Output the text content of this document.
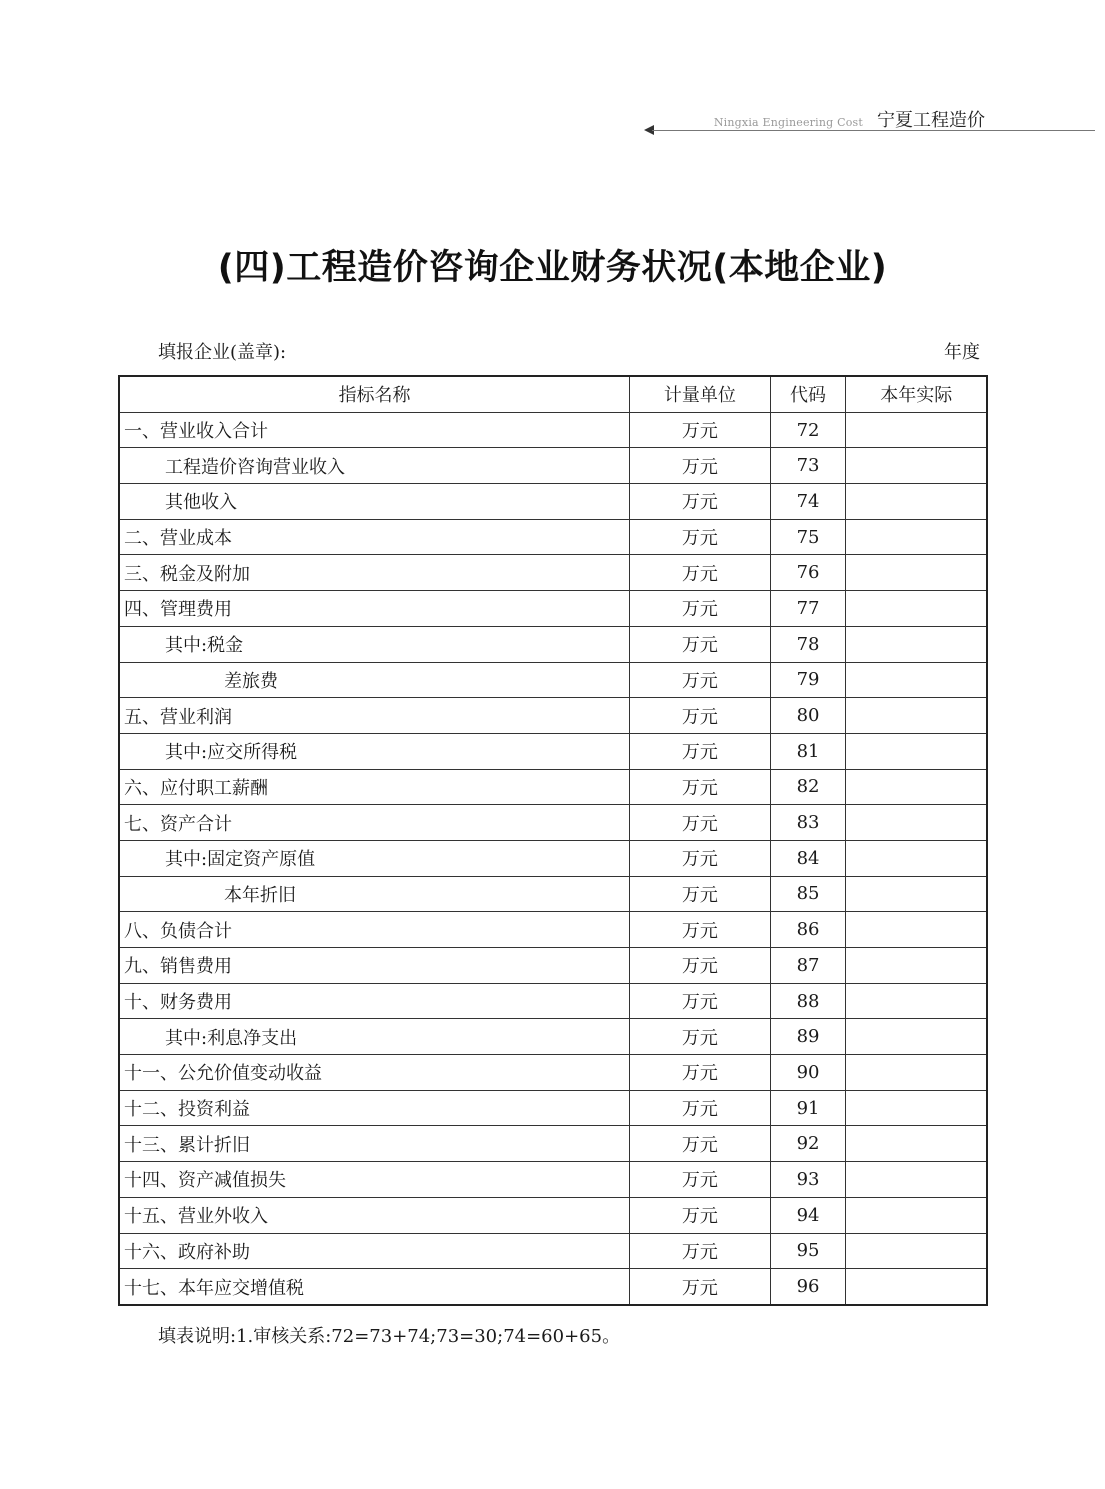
Ningxia Engineering Cost 宁夏工程造价
(四)工程造价咨询企业财务状况(本地企业)
填报企业(盖章):	年度
指标名称	计量单位	代码	本年实际
一、营业收入合计	万元	72	
工程造价咨询营业收入	万元	73	
其他收入	万元	74	
二、营业成本	万元	75	
三、税金及附加	万元	76	
四、管理费用	万元	77	
其中:税金	万元	78	
差旅费	万元	79	
五、营业利润	万元	80	
其中:应交所得税	万元	81	
六、应付职工薪酬	万元	82	
七、资产合计	万元	83	
其中:固定资产原值	万元	84	
本年折旧	万元	85	
八、负债合计	万元	86	
九、销售费用	万元	87	
十、财务费用	万元	88	
其中:利息净支出	万元	89	
十一、公允价值变动收益	万元	90	
十二、投资利益	万元	91	
十三、累计折旧	万元	92	
十四、资产减值损失	万元	93	
十五、营业外收入	万元	94	
十六、政府补助	万元	95	
十七、本年应交增值税	万元	96	
填表说明:1.审核关系:72=73+74;73=30;74=60+65。
